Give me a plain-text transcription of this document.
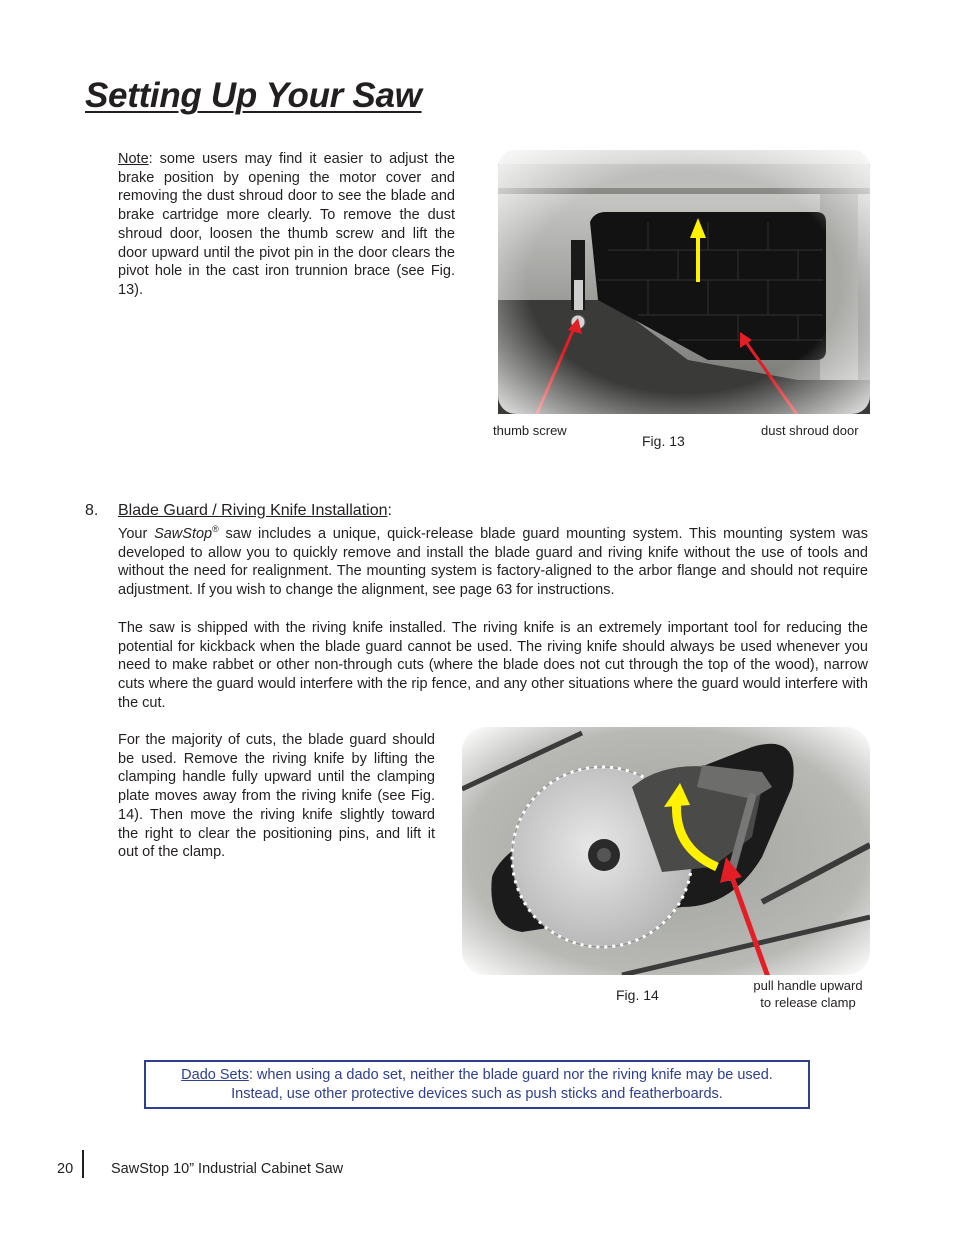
Setting Up Your Saw
Note: some users may find it easier to adjust the brake position by opening the motor cover and removing the dust shroud door to see the blade and brake cartridge more clearly. To remove the dust shroud door, loosen the thumb screw and lift the door upward until the pivot pin in the door clears the pivot hole in the cast iron trunnion brace (see Fig. 13).
thumb screw
Fig. 13
dust shroud door
8. Blade Guard / Riving Knife Installation:
Your SawStop® saw includes a unique, quick-release blade guard mounting system. This mounting system was developed to allow you to quickly remove and install the blade guard and riving knife without the use of tools and without the need for realignment. The mounting system is factory-aligned to the arbor flange and should not require adjustment. If you wish to change the alignment, see page 63 for instructions.
The saw is shipped with the riving knife installed. The riving knife is an extremely important tool for reducing the potential for kickback when the blade guard cannot be used. The riving knife should always be used whenever you need to make rabbet or other non-through cuts (where the blade does not cut through the top of the wood), narrow cuts where the guard would interfere with the rip fence, and any other situations where the guard would interfere with the cut.
For the majority of cuts, the blade guard should be used. Remove the riving knife by lifting the clamping handle fully upward until the clamping plate moves away from the riving knife (see Fig. 14). Then move the riving knife slightly toward the right to clear the positioning pins, and lift it out of the clamp.
Fig. 14
pull handle upward
to release clamp
Dado Sets: when using a dado set, neither the blade guard nor the riving knife may be used.
Instead, use other protective devices such as push sticks and featherboards.
20	SawStop 10” Industrial Cabinet Saw
